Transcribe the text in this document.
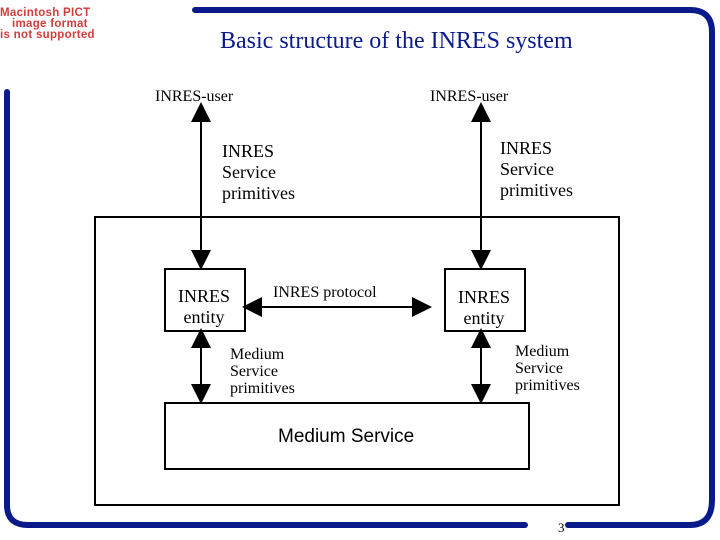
Macintosh PICT
image format
is not supported	Basic structure of the INRES system
Medium Service
INRES
entity
INRES
entity
INRES-user	INRES-user
INRES
Service
primitives
INRES
Service
primitives
INRES protocol
Medium
Service
primitives
Medium
Service
primitives
3
